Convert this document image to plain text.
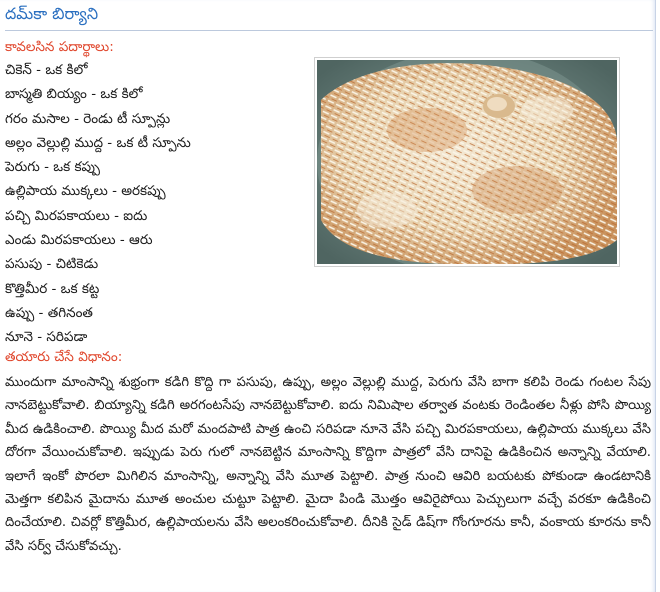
దమ్‌కా బిర్యాని
కావలసిన పదార్థాలు:
చికెన్ - ఒక కిలో
బాస్మతి బియ్యం - ఒక కిలో
గరం మసాల - రెండు టీ స్పూన్లు
అల్లం వెల్లుల్లి ముద్ద - ఒక టీ స్పూను
పెరుగు - ఒక కప్పు
ఉల్లిపాయ ముక్కలు - అరకప్పు
పచ్చి మిరపకాయలు - ఐదు
ఎండు మిరపకాయలు - ఆరు
పసుపు - చిటికెడు
కొత్తిమీర - ఒక కట్ట
ఉప్పు - తగినంత
నూనె - సరిపడా
తయారు చేసే విధానం:

ముందుగా మాంసాన్ని శుభ్రంగా కడిగి కొద్ది గా పసుపు, ఉప్పు, అల్లం వెల్లుల్లి ముద్ద, పెరుగు వేసి బాగా కలిపి రెండు గంటల సేపు నానబెట్టుకోవాలి. బియ్యాన్ని కడిగి అరగంటసేపు నానబెట్టుకోవాలి. ఐదు నిమిషాల తర్వాత వంటకు రెండింతల నీళ్లు పోసి పొయ్యి మీద ఉడికించాలి. పొయ్యి మీద మరో మందపాటి పాత్ర ఉంచి సరిపడా నూనె వేసి పచ్చి మిరపకాయలు, ఉల్లిపాయ ముక్కలు వేసి దోరగా వేయించుకోవాలి. ఇప్పుడు పెరు గులో నానబెట్టిన మాంసాన్ని కొద్దిగా పాత్రలో వేసి దానిపై ఉడికించిన అన్నాన్ని వేయాలి. ఇలాగే ఇంకో పొరలా మిగిలిన మాంసాన్ని, అన్నాన్ని వేసి మూత పెట్టాలి. పాత్ర నుంచి ఆవిరి బయటకు పోకుండా ఉండటానికి మెత్తగా కలిపిన మైదాను మూత అంచుల చుట్టూ పెట్టాలి. మైదా పిండి మొత్తం ఆవిరైపోయి పెచ్చులుగా వచ్చే వరకూ ఉడికించి దించేయాలి. చివర్లో కొత్తిమీర, ఉల్లిపాయలను వేసి అలంకరించుకోవాలి. దీనికి సైడ్ డిష్‌గా గోంగూరను కానీ, వంకాయ కూరను కానీ వేసి సర్వ్ చేసుకోవచ్చు.
